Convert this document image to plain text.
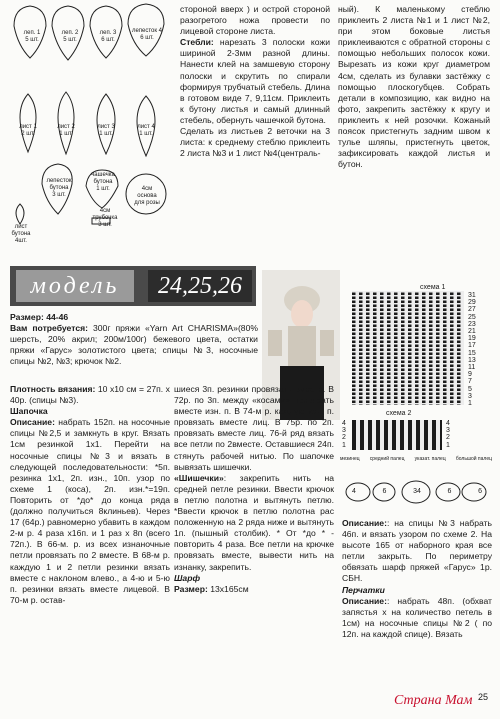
леп. 1
5 шт.
леп. 2
5 шт.
леп. 3
6 шт.
лепесток 4
6 шт.
лист 1
2 шт.
лист 2
1 шт.
лист 3
1 шт.
лист 4
1 шт.
лепесток
бутона
3 шт.
чашечка
бутона
1 шт.
4см
трубочка
3 шт.
4см
основа
для розы
лист
бутона
4шт.
стороной вверх ) и острой стороной разогретого ножа провести по лицевой стороне листа.
Стебли: нарезать 3 полоски кожи шириной 2-3мм разной длины. Нанести клей на замшевую сторону полоски и скрутить по спирали формируя трубчатый стебель. Длина в готовом виде 7, 9,11см. Приклеить к бутону листья и самый длинный стебель, обернуть чашечкой бутона.
Сделать из листьев 2 веточки на 3 листа: к среднему стеблю приклеить 2 листа №3 и 1 лист №4(централь-
ный). К маленькому стеблю приклеить 2 листа №1 и 1 лист №2, при этом боковые листья приклеиваются с обратной стороны с помощью небольших полосок кожи. Вырезать из кожи круг диаметром 4см, сделать из булавки застёжку с помощью плоскогубцев. Собрать детали в композицию, как видно на фото, закрепить застёжку к кругу и приклеить к ней розочки. Кожаный поясок пристегнуть задним швом к тулье шляпы, пристегнуть цветок, зафиксировать каждой листья и бутон.
модель	24,25,26	схема 1
31
29
27
25
23
21
19
17
15
13
11
9
7
5
3
1
схема 2
4
3
2
1
4
3
2
1
мезинец средний палец указат. палец большой палец
4	6	34	6	6
Размер: 44-46
Вам потребуется: 300г пряжи «Yarn Art CHARISMA»(80% шерсть, 20% акрил; 200м/100г) бежевого цвета, остатки пряжи «Гарус» золотистого цвета; спицы №3, носочные спицы №2, №3; крючок №2.
Плотность вязания: 10 х10 см = 27п. х 40р. (спицы №3).
Шапочка
Описание: набрать 152п. на носочные спицы №2,5 и замкнуть в круг. Вязать 1см резинкой 1х1. Перейти на носочные спицы №3 и вязать в следующей последовательности: *5п. резинка 1х1, 2п. изн., 10п. узор по схеме 1 (коса), 2п. изн.*=19п. Повторить от *до* до конца ряда (должно получиться 8клиньев). Через 17 (64р.) равномерно убавить в каждом 2-м р. 4 раза х16п. и 1 раз х 8п (всего 72п.). В 66-м. р. из всех изнаночные петли провязать по 2 вместе. В 68-м р. каждую 1 и 2 петли резинки вязать вместе с наклоном влево., а 4-ю и 5-ю п. резинки вязать вместе лицевой. В 70-м р. остав-
шиеся 3п. резинки провязать вместе. В 72р. по 3п. между «косами» провязать вместе изн. п. В 74-м р. каждую изн. п. провязать вместе лиц. В 75р. по 2п. провязать вместе лиц. 76-й ряд вязать все петли по 2вместе. Оставшиеся 24п. стянуть рабочей нитью. По шапочке вывязать шишечки.
«Шишечки»: закрепить нить на средней петле резинки. Ввести крючок в петлю полотна и вытянуть петлю. *Ввести крючок в петлю полотна рас положенную на 2 ряда ниже и вытянуть 1п. (пышный столбик). * От *до * - повторить 4 раза. Все петли на крючке провязать вместе, вывести нить на изнанку, закрепить.
Шарф
Размер: 13х165см
Описание:: на спицы №3 набрать 46п. и вязать узором по схеме 2. На высоте 165 от наборного края все петли закрыть. По периметру обвязать шарф пряжей «Гарус» 1р. СБН.
Перчатки
Описание:: набрать 48п. (обхват запястья х на количество петель в 1см) на носочные спицы №2 ( по 12п. на каждой спице). Вязать
Страна Мам 25
